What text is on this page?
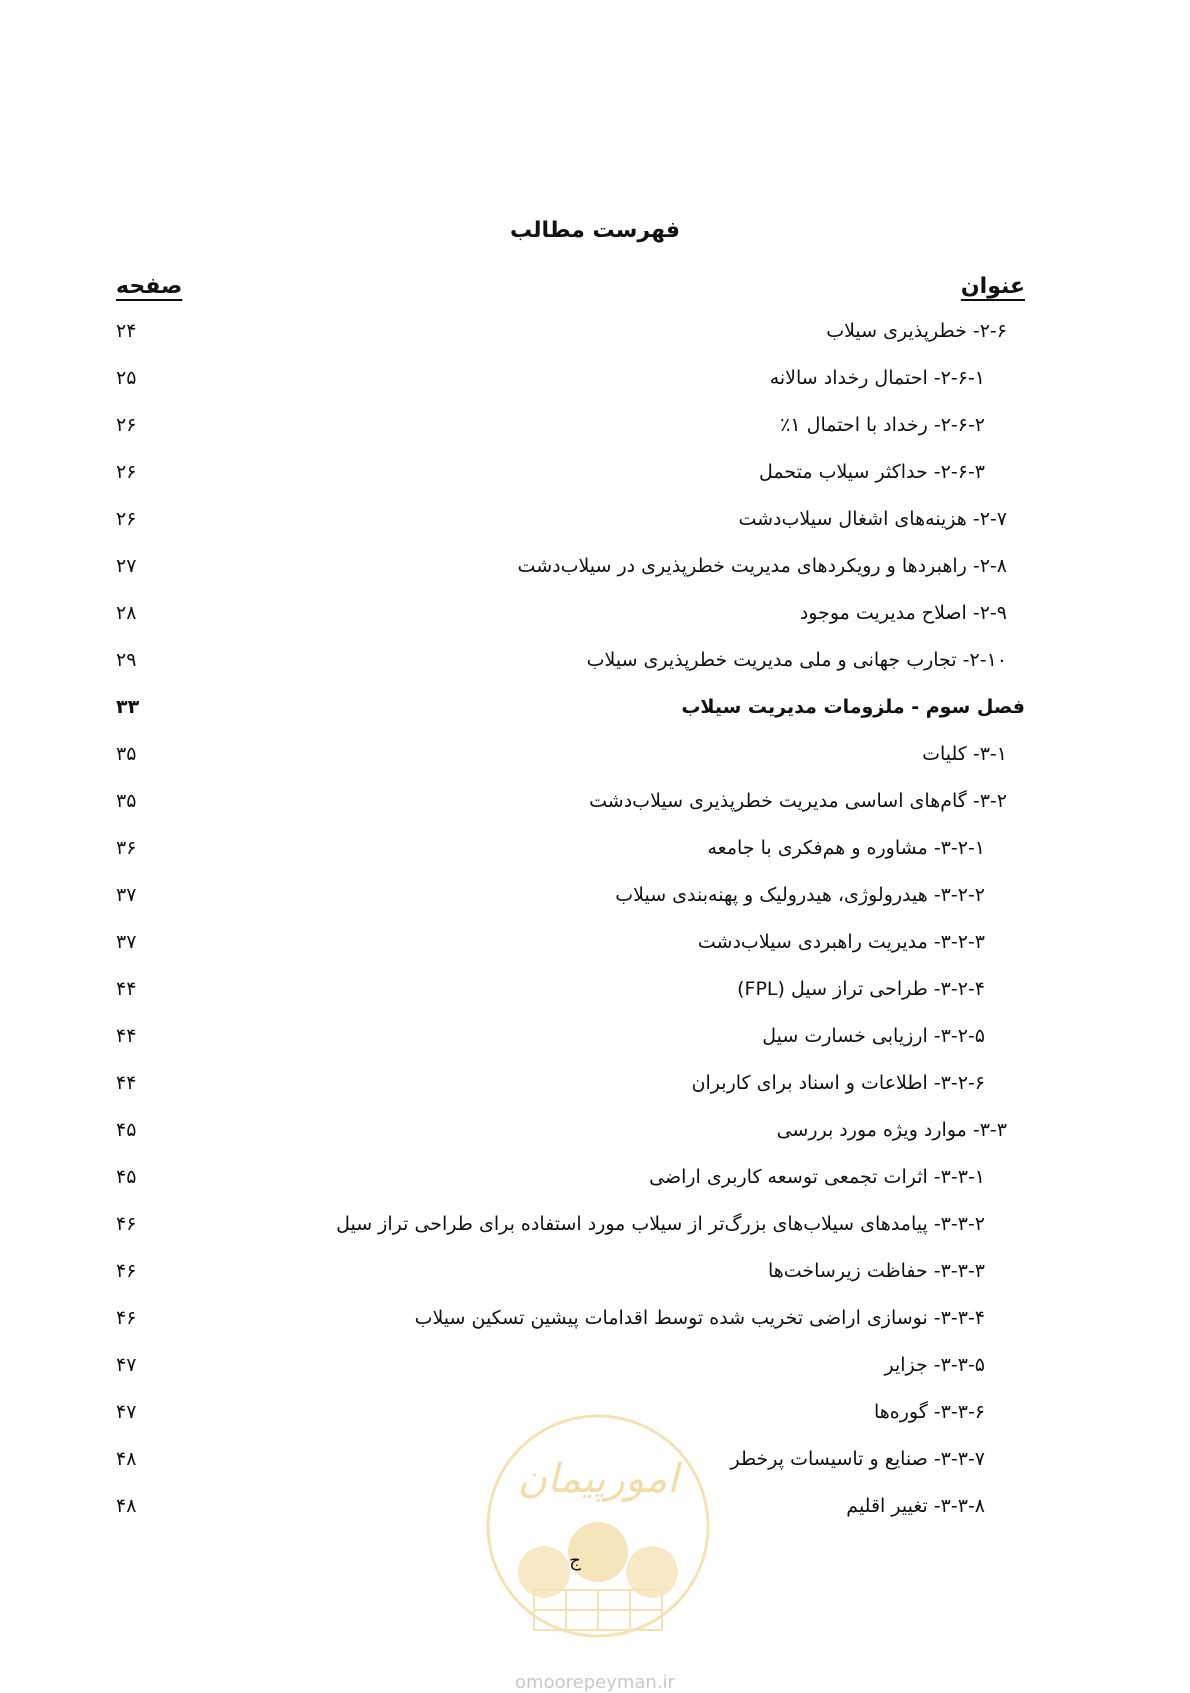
فهرست مطالب
عنوان
صفحه
۲-۶- خطرپذیری سیلاب
۲۴
۲-۶-۱- احتمال رخداد سالانه
۲۵
۲-۶-۲- رخداد با احتمال ۱٪
۲۶
۲-۶-۳- حداکثر سیلاب متحمل
۲۶
۲-۷- هزینه‌های اشغال سیلاب‌دشت
۲۶
۲-۸- راهبردها و رویکردهای مدیریت خطرپذیری در سیلاب‌دشت
۲۷
۲-۹- اصلاح مدیریت موجود
۲۸
۲-۱۰- تجارب جهانی و ملی مدیریت خطرپذیری سیلاب
۲۹
فصل سوم - ملزومات مدیریت سیلاب
۳۳
۳-۱- کلیات
۳۵
۳-۲- گام‌های اساسی مدیریت خطرپذیری سیلاب‌دشت
۳۵
۳-۲-۱- مشاوره و هم‌فکری با جامعه
۳۶
۳-۲-۲- هیدرولوژی، هیدرولیک و پهنه‌بندی سیلاب
۳۷
۳-۲-۳- مدیریت راهبردی سیلاب‌دشت
۳۷
۳-۲-۴- طراحی تراز سیل (FPL)
۴۴
۳-۲-۵- ارزیابی خسارت سیل
۴۴
۳-۲-۶- اطلاعات و اسناد برای کاربران
۴۴
۳-۳- موارد ویژه مورد بررسی
۴۵
۳-۳-۱- اثرات تجمعی توسعه کاربری اراضی
۴۵
۳-۳-۲- پیامدهای سیلاب‌های بزرگ‌تر از سیلاب مورد استفاده برای طراحی تراز سیل
۴۶
۳-۳-۳- حفاظت زیرساخت‌ها
۴۶
۳-۳-۴- نوسازی اراضی تخریب شده توسط اقدامات پیشین تسکین سیلاب
۴۶
۳-۳-۵- جزایر
۴۷
۳-۳-۶- گوره‌ها
۴۷
۳-۳-۷- صنایع و تاسیسات پرخطر
۴۸
۳-۳-۸- تغییر اقلیم
۴۸
امورپیمان
ج
omoorepeyman.ir
